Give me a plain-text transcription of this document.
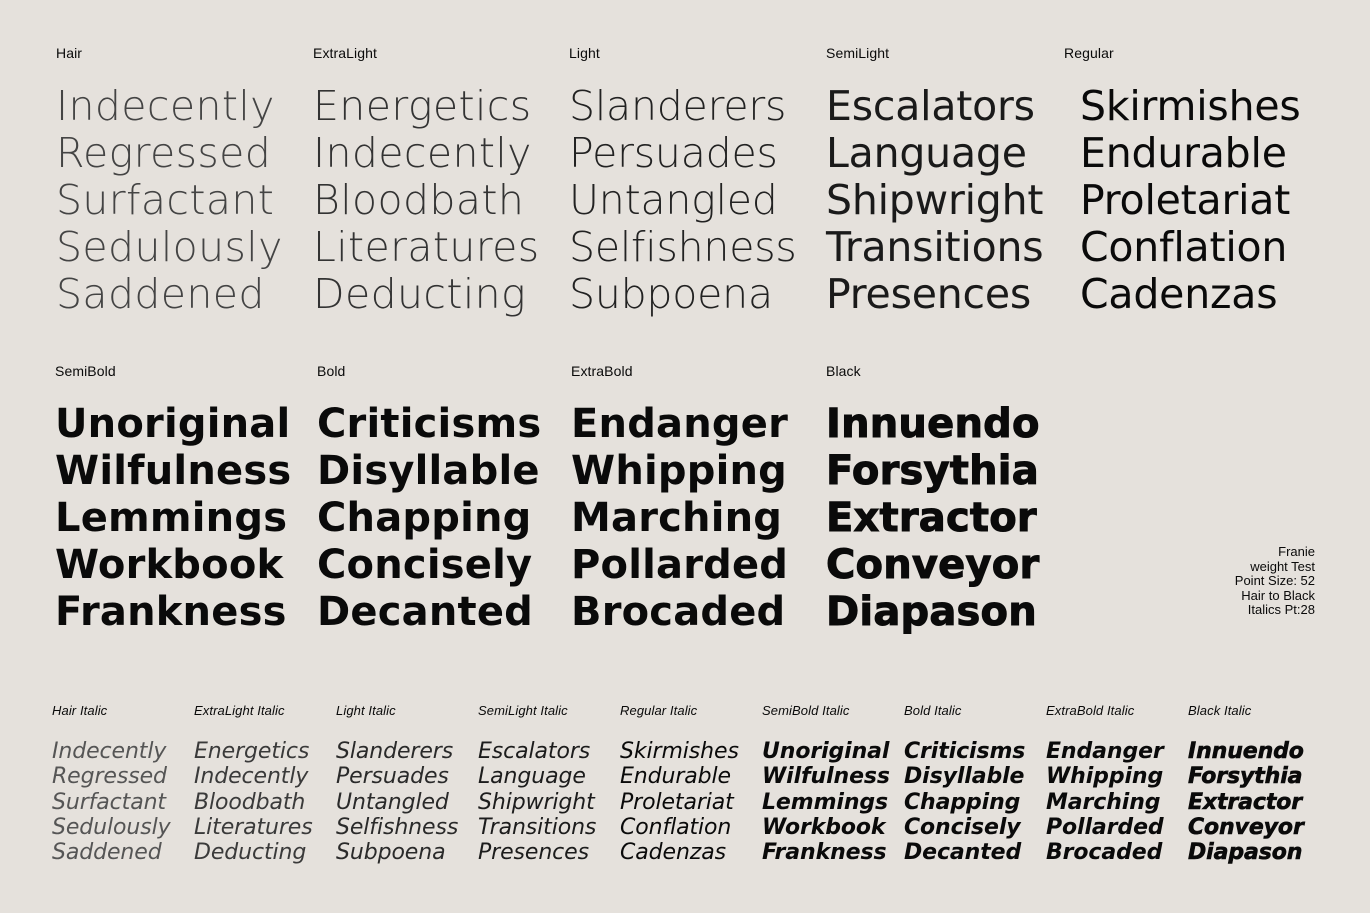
Hair

Indecently
Regressed
Surfactant
Sedulously
Saddened

ExtraLight

Energetics
Indecently
Bloodbath
Literatures
Deducting

Light

Slanderers
Persuades
Untangled
Selfishness
Subpoena

SemiLight

Escalators
Language
Shipwright
Transitions
Presences

Regular

Skirmishes
Endurable
Proletariat
Conflation
Cadenzas

SemiBold

Unoriginal
Wilfulness
Lemmings
Workbook
Frankness

Bold

Criticisms
Disyllable
Chapping
Concisely
Decanted

ExtraBold

Endanger
Whipping
Marching
Pollarded
Brocaded

Black

Innuendo
Forsythia
Extractor
Conveyor
Diapason
Franie
weight Test
Point Size: 52
Hair to Black
Italics Pt:28

Hair Italic

Indecently
Regressed
Surfactant
Sedulously
Saddened

ExtraLight Italic

Energetics
Indecently
Bloodbath
Literatures
Deducting

Light Italic

Slanderers
Persuades
Untangled
Selfishness
Subpoena

SemiLight Italic

Escalators
Language
Shipwright
Transitions
Presences

Regular Italic

Skirmishes
Endurable
Proletariat
Conflation
Cadenzas

SemiBold Italic

Unoriginal
Wilfulness
Lemmings
Workbook
Frankness

Bold Italic

Criticisms
Disyllable
Chapping
Concisely
Decanted

ExtraBold Italic

Endanger
Whipping
Marching
Pollarded
Brocaded

Black Italic

Innuendo
Forsythia
Extractor
Conveyor
Diapason
